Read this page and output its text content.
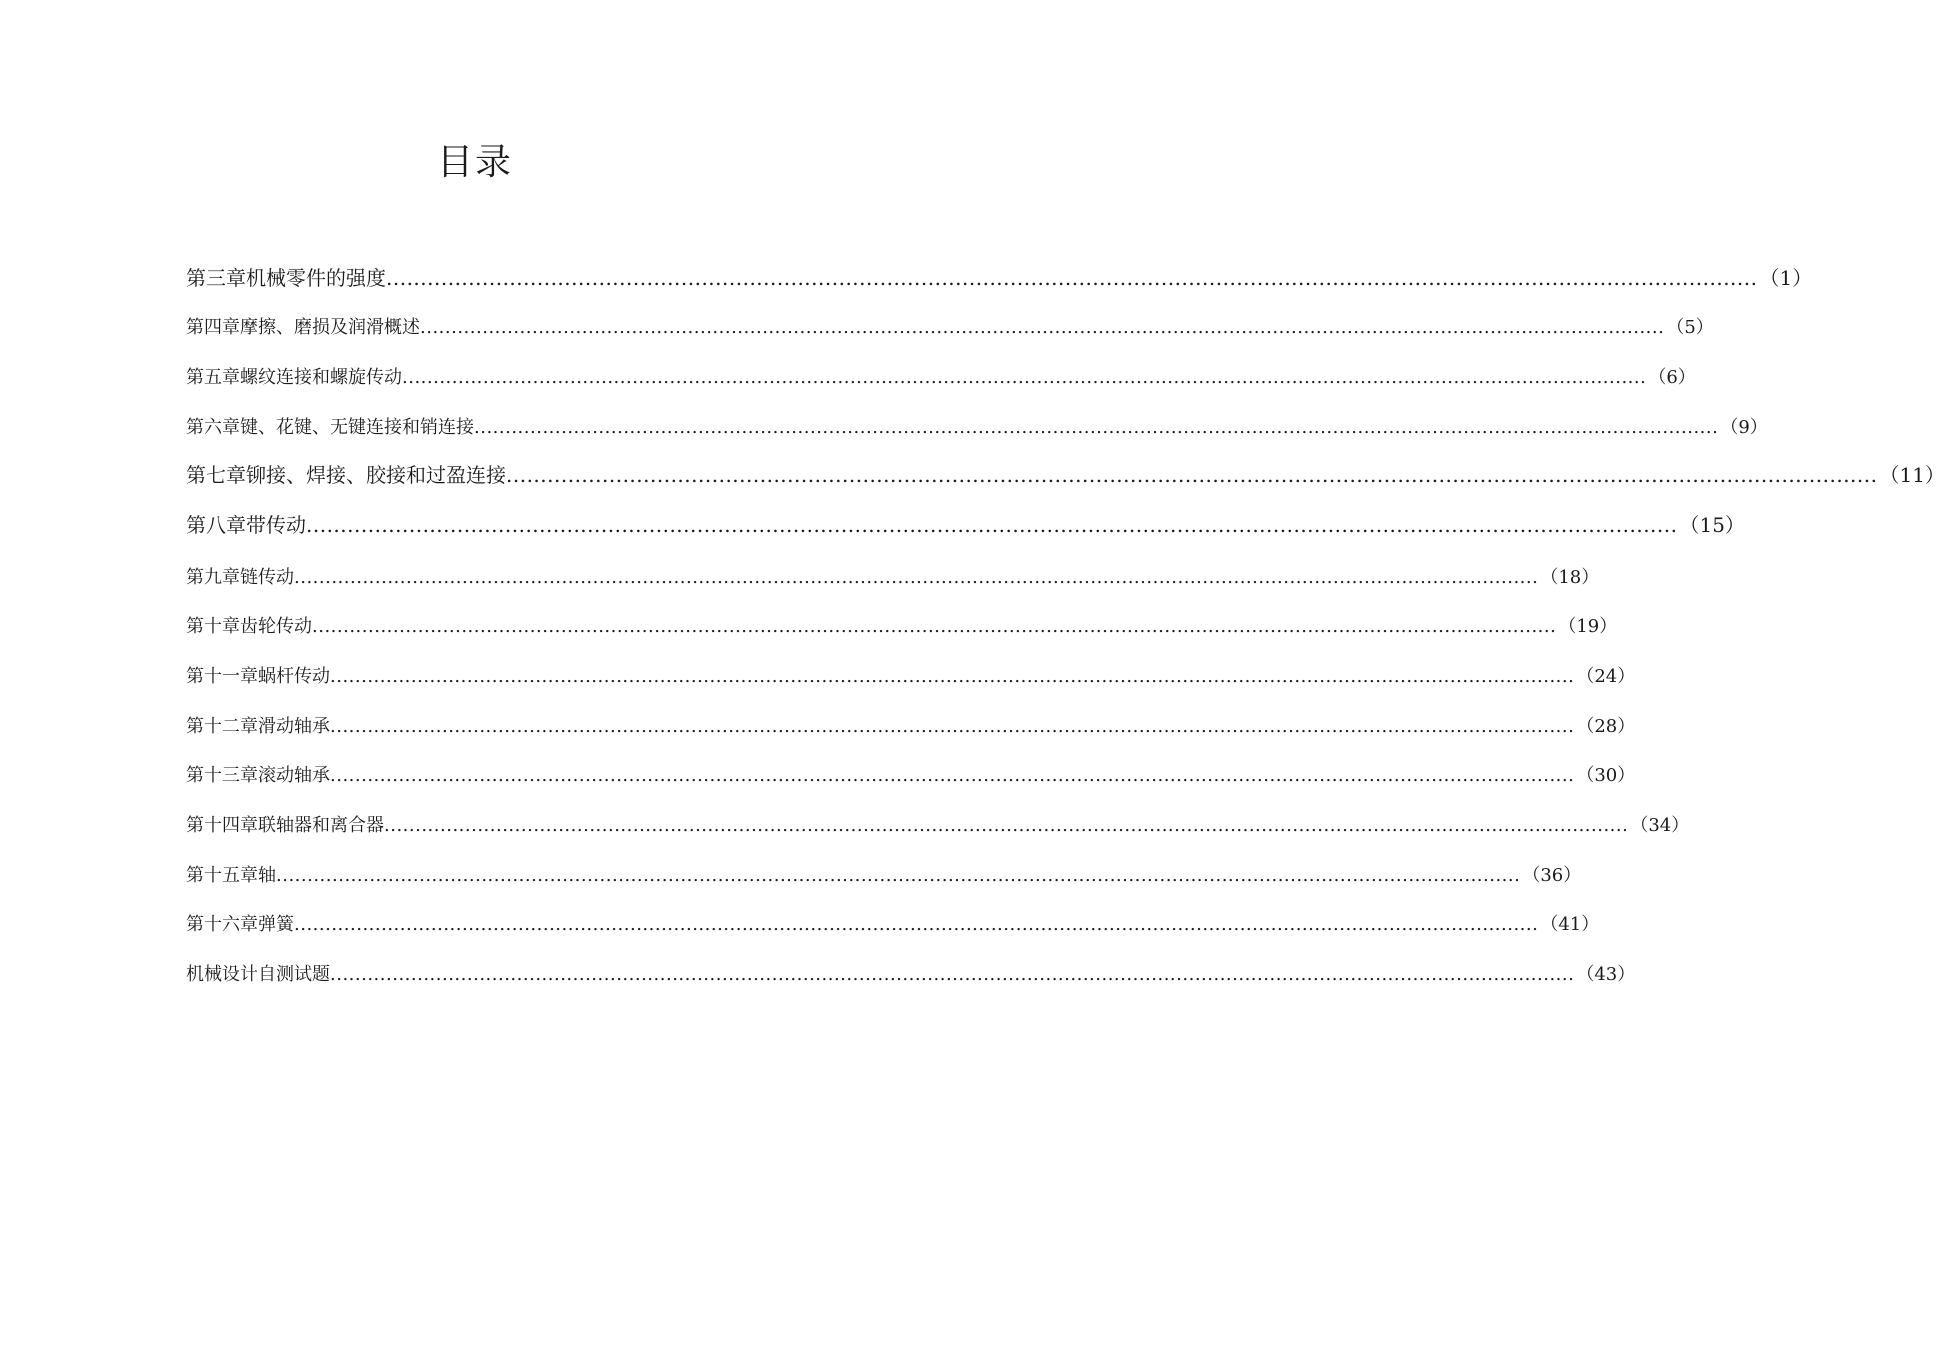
目录
第三章 机械零件的强度 ........................................................................................................................................................................................................ （1）
第四章 摩擦、磨损及润滑概述 ........................................................................................................................................................................................................ （5）
第五章 螺纹连接和螺旋传动 ........................................................................................................................................................................................................ （6）
第六章 键、花键、无键连接和销连接 ........................................................................................................................................................................................................ （9）
第七章 铆接、焊接、胶接和过盈连接 ........................................................................................................................................................................................................ （11）
第八章 带传动 ........................................................................................................................................................................................................ （15）
第九章 链传动 ........................................................................................................................................................................................................ （18）
第十章 齿轮传动 ........................................................................................................................................................................................................ （19）
第十一章 蜗杆传动 ........................................................................................................................................................................................................ （24）
第十二章 滑动轴承 ........................................................................................................................................................................................................ （28）
第十三章 滚动轴承 ........................................................................................................................................................................................................ （30）
第十四章 联轴器和离合器 ........................................................................................................................................................................................................ （34）
第十五章 轴 ........................................................................................................................................................................................................ （36）
第十六章 弹簧 ........................................................................................................................................................................................................ （41）
机械设计自测试题 ........................................................................................................................................................................................................ （43）
